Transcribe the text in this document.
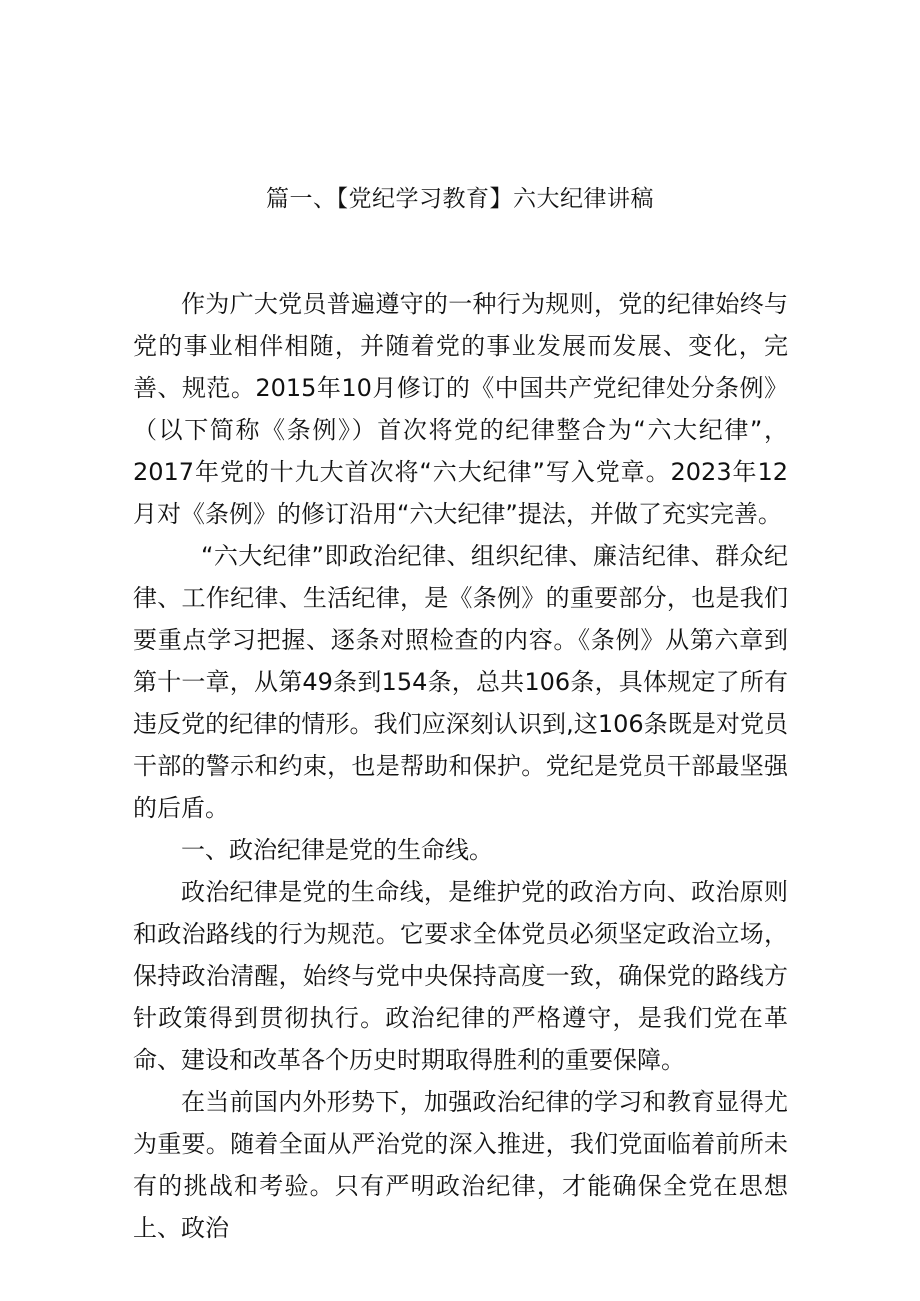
篇一、【党纪学习教育】六大纪律讲稿

作为广大党员普遍遵守的一种行为规则，党的纪律始终与党的事业相伴相随，并随着党的事业发展而发展、变化，完善、规范。2015年10月修订的《中国共产党纪律处分条例》（以下简称《条例》）首次将党的纪律整合为“六大纪律”，2017年党的十九大首次将“六大纪律”写入党章。2023年12月对《条例》的修订沿用“六大纪律”提法，并做了充实完善。

“六大纪律”即政治纪律、组织纪律、廉洁纪律、群众纪律、工作纪律、生活纪律，是《条例》的重要部分，也是我们要重点学习把握、逐条对照检查的内容。《条例》从第六章到第十一章，从第49条到154条，总共106条，具体规定了所有违反党的纪律的情形。我们应深刻认识到,这106条既是对党员干部的警示和约束，也是帮助和保护。党纪是党员干部最坚强的后盾。

一、政治纪律是党的生命线。

政治纪律是党的生命线，是维护党的政治方向、政治原则和政治路线的行为规范。它要求全体党员必须坚定政治立场，保持政治清醒，始终与党中央保持高度一致，确保党的路线方针政策得到贯彻执行。政治纪律的严格遵守，是我们党在革命、建设和改革各个历史时期取得胜利的重要保障。

在当前国内外形势下，加强政治纪律的学习和教育显得尤为重要。随着全面从严治党的深入推进，我们党面临着前所未有的挑战和考验。只有严明政治纪律，才能确保全党在思想上、政治
